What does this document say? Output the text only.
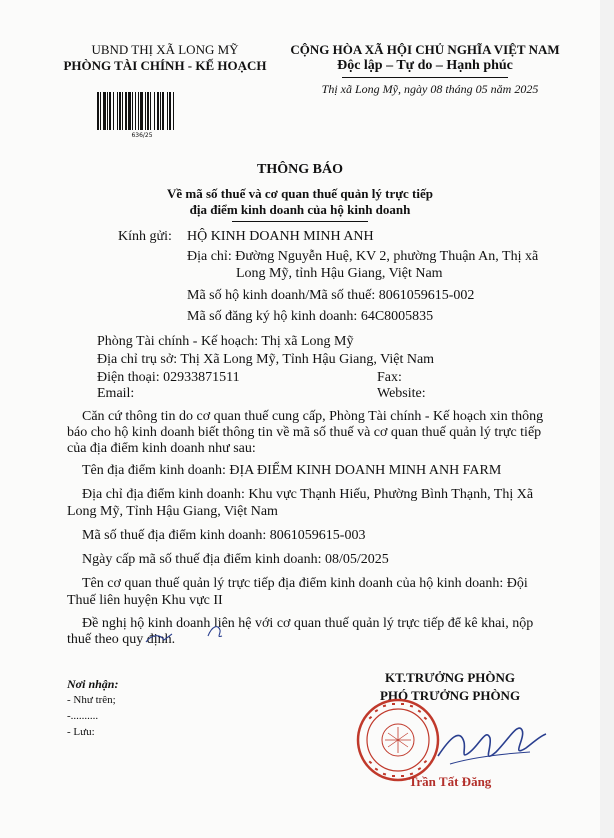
UBND THỊ XÃ LONG MỸ
PHÒNG TÀI CHÍNH - KẾ HOẠCH
636/25
CỘNG HÒA XÃ HỘI CHỦ NGHĨA VIỆT NAM
Độc lập – Tự do – Hạnh phúc
Thị xã Long Mỹ, ngày 08 tháng 05 năm 2025
THÔNG BÁO
Về mã số thuế và cơ quan thuế quản lý trực tiếp
địa điểm kinh doanh của hộ kinh doanh
Kính gửi: HỘ KINH DOANH MINH ANH
Địa chỉ: Đường Nguyễn Huệ, KV 2, phường Thuận An, Thị xã
Long Mỹ, tỉnh Hậu Giang, Việt Nam
Mã số hộ kinh doanh/Mã số thuế: 8061059615-002
Mã số đăng ký hộ kinh doanh: 64C8005835
Phòng Tài chính - Kế hoạch: Thị xã Long Mỹ
Địa chỉ trụ sở: Thị Xã Long Mỹ, Tỉnh Hậu Giang, Việt Nam
Điện thoại: 02933871511	Fax:
Email:	Website:
Căn cứ thông tin do cơ quan thuế cung cấp, Phòng Tài chính - Kế hoạch xin thông
báo cho hộ kinh doanh biết thông tin về mã số thuế và cơ quan thuế quản lý trực tiếp
của địa điểm kinh doanh như sau:
Tên địa điểm kinh doanh: ĐỊA ĐIỂM KINH DOANH MINH ANH FARM
Địa chỉ địa điểm kinh doanh: Khu vực Thạnh Hiếu, Phường Bình Thạnh, Thị Xã
Long Mỹ, Tỉnh Hậu Giang, Việt Nam
Mã số thuế địa điểm kinh doanh: 8061059615-003
Ngày cấp mã số thuế địa điểm kinh doanh: 08/05/2025
Tên cơ quan thuế quản lý trực tiếp địa điểm kinh doanh của hộ kinh doanh: Đội
Thuế liên huyện Khu vực II
Đề nghị hộ kinh doanh liên hệ với cơ quan thuế quản lý trực tiếp để kê khai, nộp
thuế theo quy định.
Nơi nhận:
- Như trên;
-..........
- Lưu:
KT.TRƯỞNG PHÒNG
PHÓ TRƯỞNG PHÒNG
Trần Tất Đăng
